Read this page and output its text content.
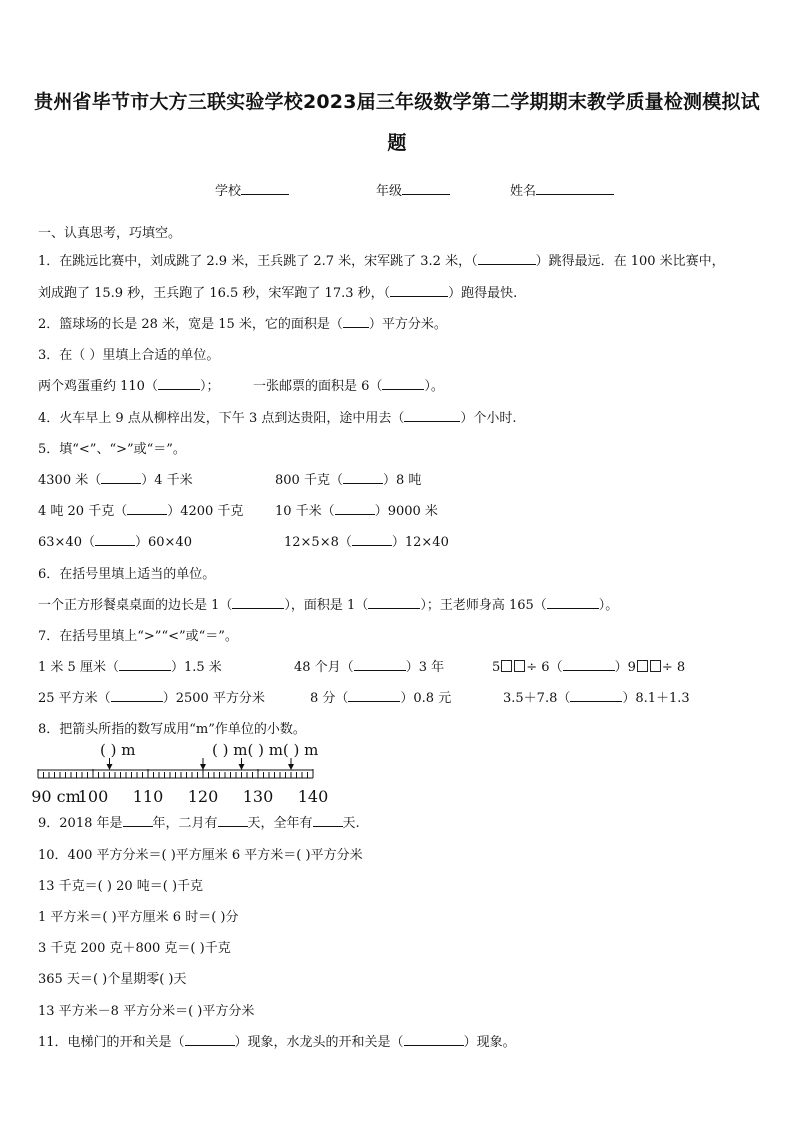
贵州省毕节市大方三联实验学校2023届三年级数学第二学期期末教学质量检测模拟试
题
学校	年级	姓名
一、认真思考，巧填空。
1．在跳远比赛中，刘成跳了 2.9 米，王兵跳了 2.7 米，宋军跳了 3.2 米，（	）跳得最远．在 100 米比赛中，
刘成跑了 15.9 秒，王兵跑了 16.5 秒，宋军跑了 17.3 秒，（	）跑得最快.
2．篮球场的长是 28 米，宽是 15 米，它的面积是（ ）平方分米。
3．在（ ）里填上合适的单位。
两个鸡蛋重约 110（	）；	一张邮票的面积是 6（	）。
4．火车早上 9 点从柳梓出发，下午 3 点到达贵阳，途中用去（	）个小时.
5．填“<”、“>”或“＝”。
4300 米（	）4 千米	800 千克（	）8 吨
4 吨 20 千克（	）4200 千克 10 千米（	）9000 米
63×40（	）60×40	12×5×8（	）12×40
6．在括号里填上适当的单位。
一个正方形餐桌桌面的边长是 1（	），面积是 1（	）；王老师身高 165（	）。
7．在括号里填上“>”“<”或“＝”。
1 米 5 厘米（	）1.5 米	48 个月（	）3 年	5 ÷ 6（	）9 ÷ 8
25 平方米（	）2500 平方分米	8 分（	）0.8 元	3.5＋7.8（	）8.1＋1.3
8．把箭头所指的数写成用“m”作单位的小数。
( ) m	( ) m( ) m( ) m
90 cm
100 110 120 130 140
9．2018 年是 年，二月有 天，全年有 天.
10．400 平方分米＝( )平方厘米 6 平方米＝( )平方分米
13 千克＝( ) 20 吨＝( )千克
1 平方米＝( )平方厘米 6 时＝( )分
3 千克 200 克＋800 克＝( )千克
365 天＝( )个星期零( )天
13 平方米－8 平方分米＝( )平方分米
11．电梯门的开和关是（	）现象，水龙头的开和关是（	）现象。
